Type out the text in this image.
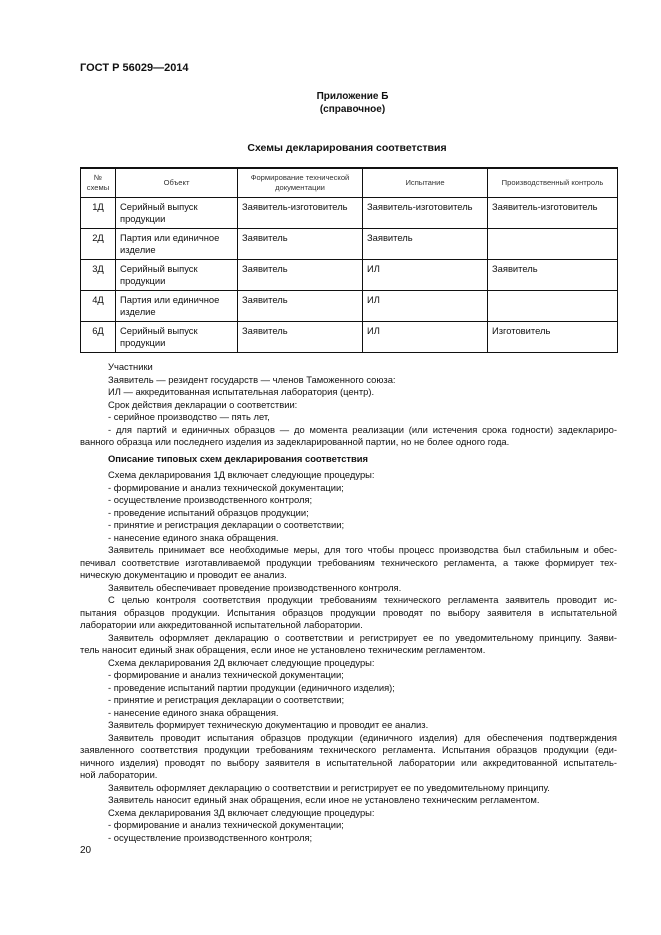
ГОСТ Р 56029—2014
Приложение Б
(справочное)
Схемы декларирования соответствия
№ схемы	Объект	Формирование технической документации	Испытание	Производственный контроль
1Д	Серийный выпуск продукции	Заявитель-изготовитель	Заявитель-изготовитель	Заявитель-изготовитель
2Д	Партия или единичное изделие	Заявитель	Заявитель	
3Д	Серийный выпуск продукции	Заявитель	ИЛ	Заявитель
4Д	Партия или единичное изделие	Заявитель	ИЛ	
6Д	Серийный выпуск продукции	Заявитель	ИЛ	Изготовитель
Участники
Заявитель — резидент государств — членов Таможенного союза:
ИЛ — аккредитованная испытательная лаборатория (центр).
Срок действия декларации о соответствии:
- серийное производство — пять лет,
- для партий и единичных образцов — до момента реализации (или истечения срока годности) задеклариро-
ванного образца или последнего изделия из задекларированной партии, но не более одного года.
Описание типовых схем декларирования соответствия
Схема декларирования 1Д включает следующие процедуры:
- формирование и анализ технической документации;
- осуществление производственного контроля;
- проведение испытаний образцов продукции;
- принятие и регистрация декларации о соответствии;
- нанесение единого знака обращения.
Заявитель принимает все необходимые меры, для того чтобы процесс производства был стабильным и обес-
печивал соответствие изготавливаемой продукции требованиям технического регламента, а также формирует тех-
ническую документацию и проводит ее анализ.
Заявитель обеспечивает проведение производственного контроля.
С целью контроля соответствия продукции требованиям технического регламента заявитель проводит ис-
пытания образцов продукции. Испытания образцов продукции проводят по выбору заявителя в испытательной
лаборатории или аккредитованной испытательной лаборатории.
Заявитель оформляет декларацию о соответствии и регистрирует ее по уведомительному принципу. Заяви-
тель наносит единый знак обращения, если иное не установлено техническим регламентом.
Схема декларирования 2Д включает следующие процедуры:
- формирование и анализ технической документации;
- проведение испытаний партии продукции (единичного изделия);
- принятие и регистрация декларации о соответствии;
- нанесение единого знака обращения.
Заявитель формирует техническую документацию и проводит ее анализ.
Заявитель проводит испытания образцов продукции (единичного изделия) для обеспечения подтверждения
заявленного соответствия продукции требованиям технического регламента. Испытания образцов продукции (еди-
ничного изделия) проводят по выбору заявителя в испытательной лаборатории или аккредитованной испытатель-
ной лаборатории.
Заявитель оформляет декларацию о соответствии и регистрирует ее по уведомительному принципу.
Заявитель наносит единый знак обращения, если иное не установлено техническим регламентом.
Схема декларирования 3Д включает следующие процедуры:
- формирование и анализ технической документации;
- осуществление производственного контроля;
20
